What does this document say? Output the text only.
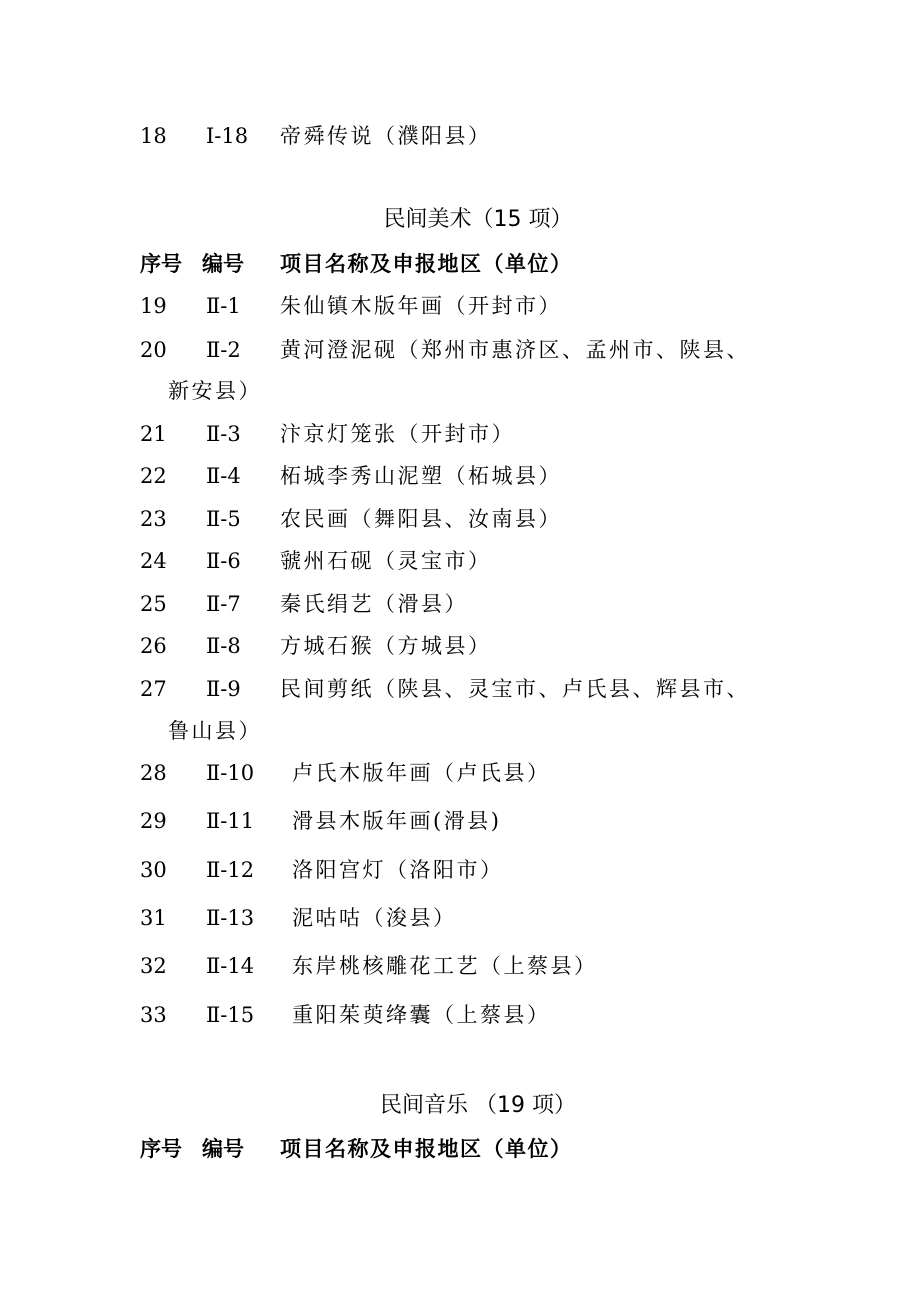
18 I-18 帝舜传说（濮阳县）
民间美术（15 项）
序号 编号 项目名称及申报地区（单位）
19 Ⅱ-1 朱仙镇木版年画（开封市）
20 Ⅱ-2 黄河澄泥砚（郑州市惠济区、孟州市、陕县、
新安县）
21 Ⅱ-3 汴京灯笼张（开封市）
22 Ⅱ-4 柘城李秀山泥塑（柘城县）
23 Ⅱ-5 农民画（舞阳县、汝南县）
24 Ⅱ-6 虢州石砚（灵宝市）
25 Ⅱ-7 秦氏绢艺（滑县）
26 Ⅱ-8 方城石猴（方城县）
27 Ⅱ-9 民间剪纸（陕县、灵宝市、卢氏县、辉县市、
鲁山县）
28 Ⅱ-10 卢氏木版年画（卢氏县）
29 Ⅱ-11 滑县木版年画(滑县)
30 Ⅱ-12 洛阳宫灯（洛阳市）
31 Ⅱ-13 泥咕咕（浚县）
32 Ⅱ-14 东岸桃核雕花工艺（上蔡县）
33 Ⅱ-15 重阳茱萸绛囊（上蔡县）
民间音乐 （19 项）
序号 编号 项目名称及申报地区（单位）
